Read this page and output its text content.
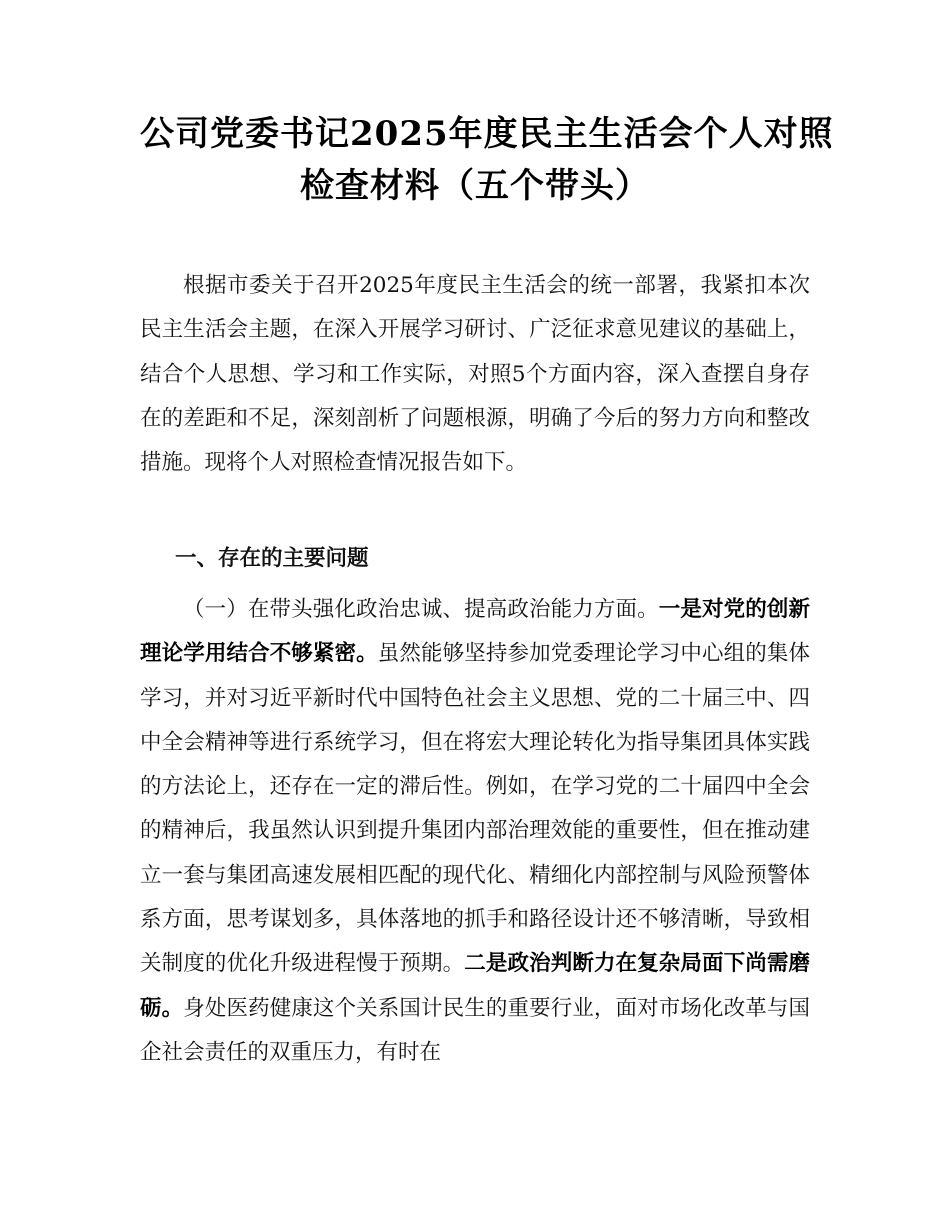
公司党委书记2025年度民主生活会个人对照
检查材料（五个带头）

根据市委关于召开2025年度民主生活会的统一部署，我紧扣本次民主生活会主题，在深入开展学习研讨、广泛征求意见建议的基础上，结合个人思想、学习和工作实际，对照5个方面内容，深入查摆自身存在的差距和不足，深刻剖析了问题根源，明确了今后的努力方向和整改措施。现将个人对照检查情况报告如下。

一、存在的主要问题

（一）在带头强化政治忠诚、提高政治能力方面。一是对党的创新理论学用结合不够紧密。虽然能够坚持参加党委理论学习中心组的集体学习，并对习近平新时代中国特色社会主义思想、党的二十届三中、四中全会精神等进行系统学习，但在将宏大理论转化为指导集团具体实践的方法论上，还存在一定的滞后性。例如，在学习党的二十届四中全会的精神后，我虽然认识到提升集团内部治理效能的重要性，但在推动建立一套与集团高速发展相匹配的现代化、精细化内部控制与风险预警体系方面，思考谋划多，具体落地的抓手和路径设计还不够清晰，导致相关制度的优化升级进程慢于预期。二是政治判断力在复杂局面下尚需磨砺。身处医药健康这个关系国计民生的重要行业，面对市场化改革与国企社会责任的双重压力，有时在
